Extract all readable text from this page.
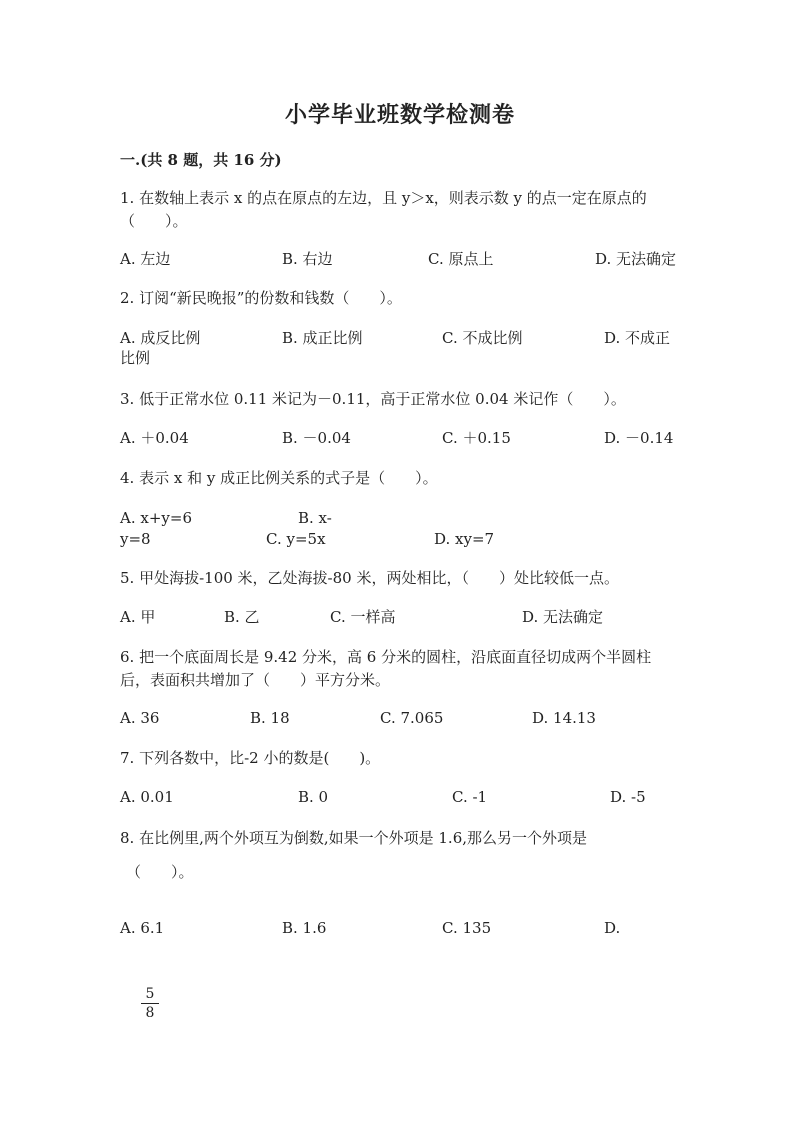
小学毕业班数学检测卷
一.(共 8 题，共 16 分)
1. 在数轴上表示 x 的点在原点的左边，且 y＞x，则表示数 y 的点一定在原点的
（　　）。
A. 左边	B. 右边	C. 原点上	D. 无法确定
2. 订阅“新民晚报”的份数和钱数（　　）。
A. 成反比例	B. 成正比例	C. 不成比例	D. 不成正
比例
3. 低于正常水位 0.11 米记为－0.11，高于正常水位 0.04 米记作（　　）。
A. ＋0.04	B. －0.04	C. ＋0.15	D. －0.14
4. 表示 x 和 y 成正比例关系的式子是（　　）。
A. x+y=6	B. x-
y=8	C. y=5x	D. xy=7
5. 甲处海拔-100 米，乙处海拔-80 米，两处相比，（　　）处比较低一点。
A. 甲	B. 乙	C. 一样高	D. 无法确定
6. 把一个底面周长是 9.42 分米，高 6 分米的圆柱，沿底面直径切成两个半圆柱
后，表面积共增加了（　　）平方分米。
A. 36	B. 18	C. 7.065	D. 14.13
7. 下列各数中，比-2 小的数是(　　)。
A. 0.01	B. 0	C. -1	D. -5
8. 在比例里,两个外项互为倒数,如果一个外项是 1.6,那么另一个外项是
（　　）。
A. 6.1	B. 1.6	C. 135	D.
5
8
